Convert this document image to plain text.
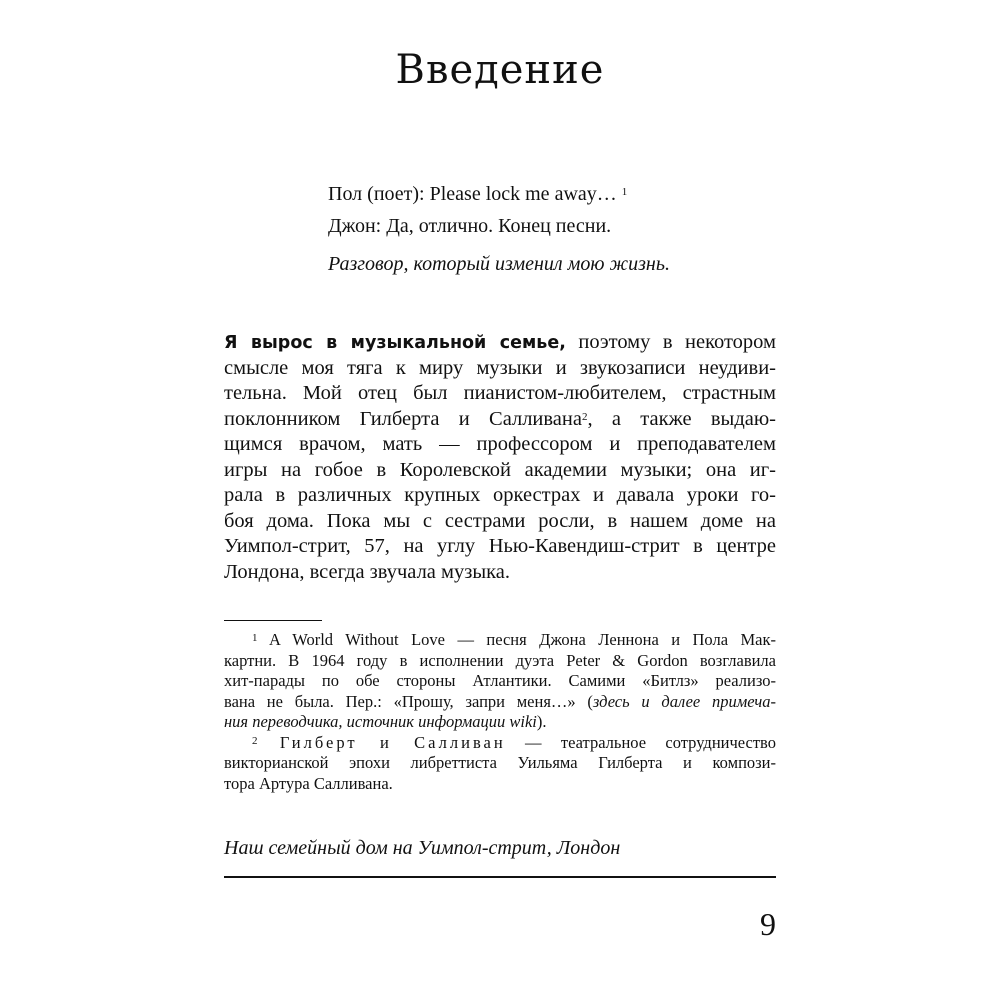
Введение
Пол (поет): Please lock me away… $^1$
Джон: Да, отлично. Конец песни.
Разговор, который изменил мою жизнь.
Я вырос в музыкальной семье, поэтому в некотором
смысле моя тяга к миру музыки и звукозаписи неудиви-
тельна. Мой отец был пианистом-любителем, страстным
поклонником Гилберта и Салливана$^2$, а также выдаю-
щимся врачом, мать — профессором и преподавателем
игры на гобое в Королевской академии музыки; она иг-
рала в различных крупных оркестрах и давала уроки го-
боя дома. Пока мы с сестрами росли, в нашем доме на
Уимпол-стрит, 57, на углу Нью-Кавендиш-стрит в центре
Лондона, всегда звучала музыка.
$^1$ A World Without Love — песня Джона Леннона и Пола Мак-
картни. В 1964 году в исполнении дуэта Peter & Gordon возглавила
хит-парады по обе стороны Атлантики. Самими «Битлз» реализо-
вана не была. Пер.: «Прошу, запри меня…» (здесь и далее примеча-
ния переводчика, источник информации wiki).
$^2$ Гилберт и Салливан — театральное сотрудничество
викторианской эпохи либреттиста Уильяма Гилберта и компози-
тора Артура Салливана.
Наш семейный дом на Уимпол-стрит, Лондон
9
